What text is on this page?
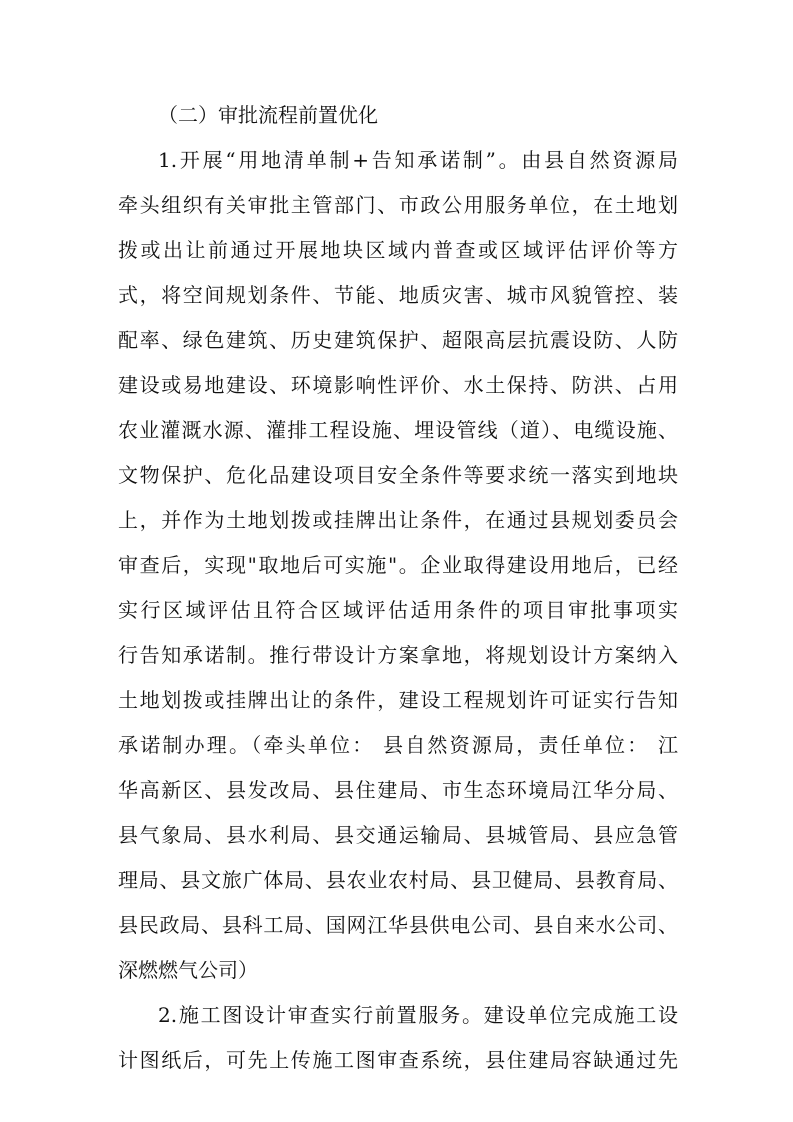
（二）审批流程前置优化
1.开展“用地清单制+告知承诺制”。由县自然资源局
牵头组织有关审批主管部门、市政公用服务单位，在土地划
拨或出让前通过开展地块区域内普查或区域评估评价等方
式，将空间规划条件、节能、地质灾害、城市风貌管控、装
配率、绿色建筑、历史建筑保护、超限高层抗震设防、人防
建设或易地建设、环境影响性评价、水土保持、防洪、占用
农业灌溉水源、灌排工程设施、埋设管线（道）、电缆设施、
文物保护、危化品建设项目安全条件等要求统一落实到地块
上，并作为土地划拨或挂牌出让条件，在通过县规划委员会
审查后，实现"取地后可实施"。企业取得建设用地后，已经
实行区域评估且符合区域评估适用条件的项目审批事项实
行告知承诺制。推行带设计方案拿地，将规划设计方案纳入
土地划拨或挂牌出让的条件，建设工程规划许可证实行告知
承诺制办理。（牵头单位： 县自然资源局，责任单位： 江
华高新区、县发改局、县住建局、市生态环境局江华分局、
县气象局、县水利局、县交通运输局、县城管局、县应急管
理局、县文旅广体局、县农业农村局、县卫健局、县教育局、
县民政局、县科工局、国网江华县供电公司、县自来水公司、
深燃燃气公司）
2.施工图设计审查实行前置服务。建设单位完成施工设
计图纸后，可先上传施工图审查系统，县住建局容缺通过先
